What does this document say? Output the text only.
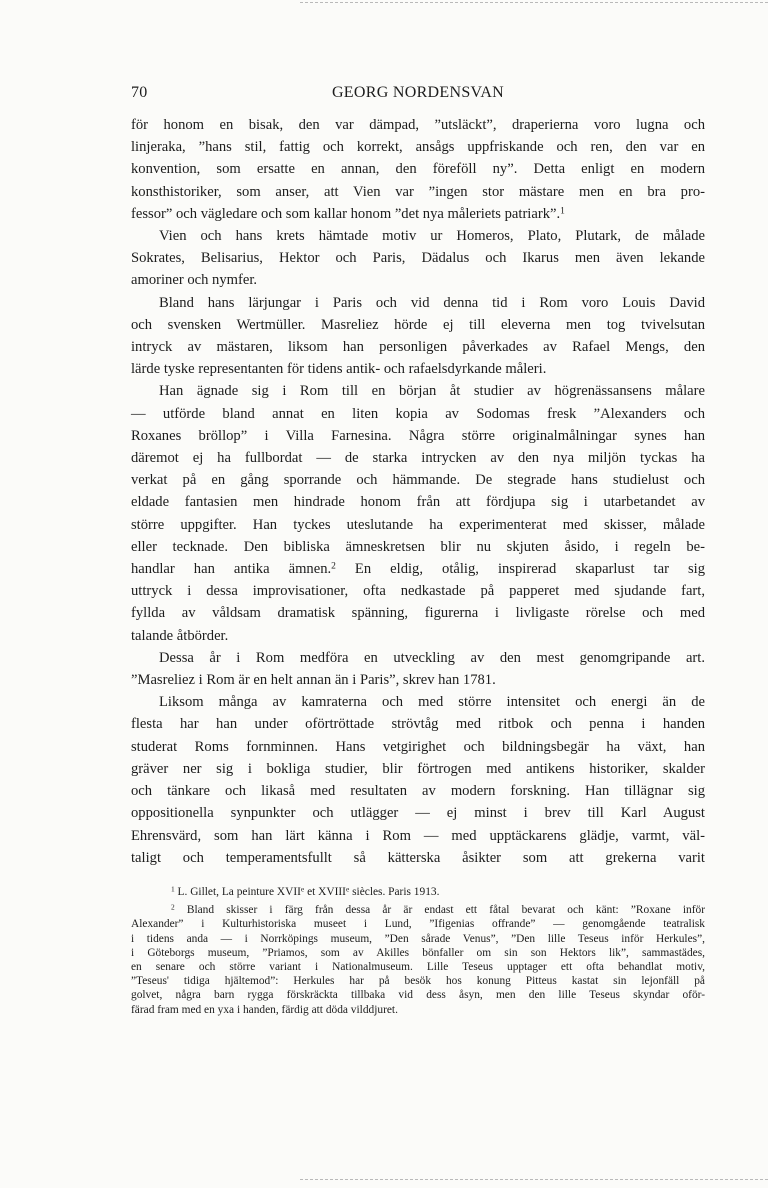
70	GEORG NORDENSVAN

för honom en bisak, den var dämpad, ”utsläckt”, draperierna voro lugna och
linjeraka, ”hans stil, fattig och korrekt, ansågs uppfriskande och ren, den var en
konvention, som ersatte en annan, den föreföll ny”. Detta enligt en modern
konsthistoriker, som anser, att Vien var ”ingen stor mästare men en bra pro-
fessor” och vägledare och som kallar honom ”det nya måleriets patriark”.$^1$

Vien och hans krets hämtade motiv ur Homeros, Plato, Plutark, de målade
Sokrates, Belisarius, Hektor och Paris, Dädalus och Ikarus men även lekande
amoriner och nymfer.

Bland hans lärjungar i Paris och vid denna tid i Rom voro Louis David
och svensken Wertmüller. Masreliez hörde ej till eleverna men tog tvivelsutan
intryck av mästaren, liksom han personligen påverkades av Rafael Mengs, den
lärde tyske representanten för tidens antik- och rafaelsdyrkande måleri.

Han ägnade sig i Rom till en början åt studier av högrenässansens målare
— utförde bland annat en liten kopia av Sodomas fresk ”Alexanders och
Roxanes bröllop” i Villa Farnesina. Några större originalmålningar synes han
däremot ej ha fullbordat — de starka intrycken av den nya miljön tyckas ha
verkat på en gång sporrande och hämmande. De stegrade hans studielust och
eldade fantasien men hindrade honom från att fördjupa sig i utarbetandet av
större uppgifter. Han tyckes uteslutande ha experimenterat med skisser, målade
eller tecknade. Den bibliska ämneskretsen blir nu skjuten åsido, i regeln be-
handlar han antika ämnen.$^2$ En eldig, otålig, inspirerad skaparlust tar sig
uttryck i dessa improvisationer, ofta nedkastade på papperet med sjudande fart,
fyllda av våldsam dramatisk spänning, figurerna i livligaste rörelse och med
talande åtbörder.

Dessa år i Rom medföra en utveckling av den mest genomgripande art.
”Masreliez i Rom är en helt annan än i Paris”, skrev han 1781.

Liksom många av kamraterna och med större intensitet och energi än de
flesta har han under oförtröttade strövtåg med ritbok och penna i handen
studerat Roms fornminnen. Hans vetgirighet och bildningsbegär ha växt, han
gräver ner sig i bokliga studier, blir förtrogen med antikens historiker, skalder
och tänkare och likaså med resultaten av modern forskning. Han tillägnar sig
oppositionella synpunkter och utlägger — ej minst i brev till Karl August
Ehrensvärd, som han lärt känna i Rom — med upptäckarens glädje, varmt, väl-
taligt och temperamentsfullt så kätterska åsikter som att grekerna varit

$^1$ L. Gillet, La peinture XVIIe et XVIIIe siècles. Paris 1913.

$^2$ Bland skisser i färg från dessa år är endast ett fåtal bevarat och känt: ”Roxane inför
Alexander” i Kulturhistoriska museet i Lund, ”Ifigenias offrande” — genomgående teatralisk
i tidens anda — i Norrköpings museum, ”Den sårade Venus”, ”Den lille Teseus inför Herkules”,
i Göteborgs museum, ”Priamos, som av Akilles bönfaller om sin son Hektors lik”, sammastädes,
en senare och större variant i Nationalmuseum. Lille Teseus upptager ett ofta behandlat motiv,
”Teseus' tidiga hjältemod”: Herkules har på besök hos konung Pitteus kastat sin lejonfäll på
golvet, några barn rygga förskräckta tillbaka vid dess åsyn, men den lille Teseus skyndar oför-
färad fram med en yxa i handen, färdig att döda vilddjuret.
